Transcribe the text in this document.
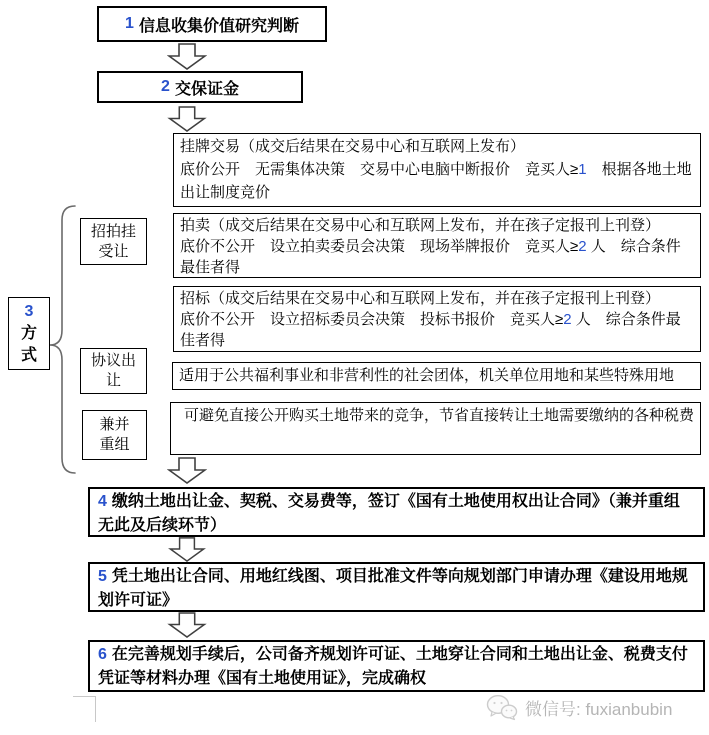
1 信息收集价值研究判断
2 交保证金
挂牌交易（成交后结果在交易中心和互联网上发布）
底价公开　无需集体决策　交易中心电脑中断报价　竞买人≥1　根据各地土地出让制度竞价
拍卖（成交后结果在交易中心和互联网上发布，并在孩子定报刊上刊登）
底价不公开　设立拍卖委员会决策　现场举牌报价　竞买人≥2 人　综合条件最佳者得
招标（成交后结果在交易中心和互联网上发布，并在孩子定报刊上刊登）
底价不公开　设立招标委员会决策　投标书报价　竞买人≥2 人　综合条件最佳者得
适用于公共福利事业和非营利性的社会团体，机关单位用地和某些特殊用地
可避免直接公开购买土地带来的竞争，节省直接转让土地需要缴纳的各种税费
3
方
式
招拍挂
受让
协议出
让
兼并
重组
4 缴纳土地出让金、契税、交易费等，签订《国有土地使用权出让合同》（兼并重组无此及后续环节）
5 凭土地出让合同、用地红线图、项目批准文件等向规划部门申请办理《建设用地规划许可证》
6 在完善规划手续后，公司备齐规划许可证、土地穿让合同和土地出让金、税费支付凭证等材料办理《国有土地使用证》，完成确权
微信号: fuxianbubin
